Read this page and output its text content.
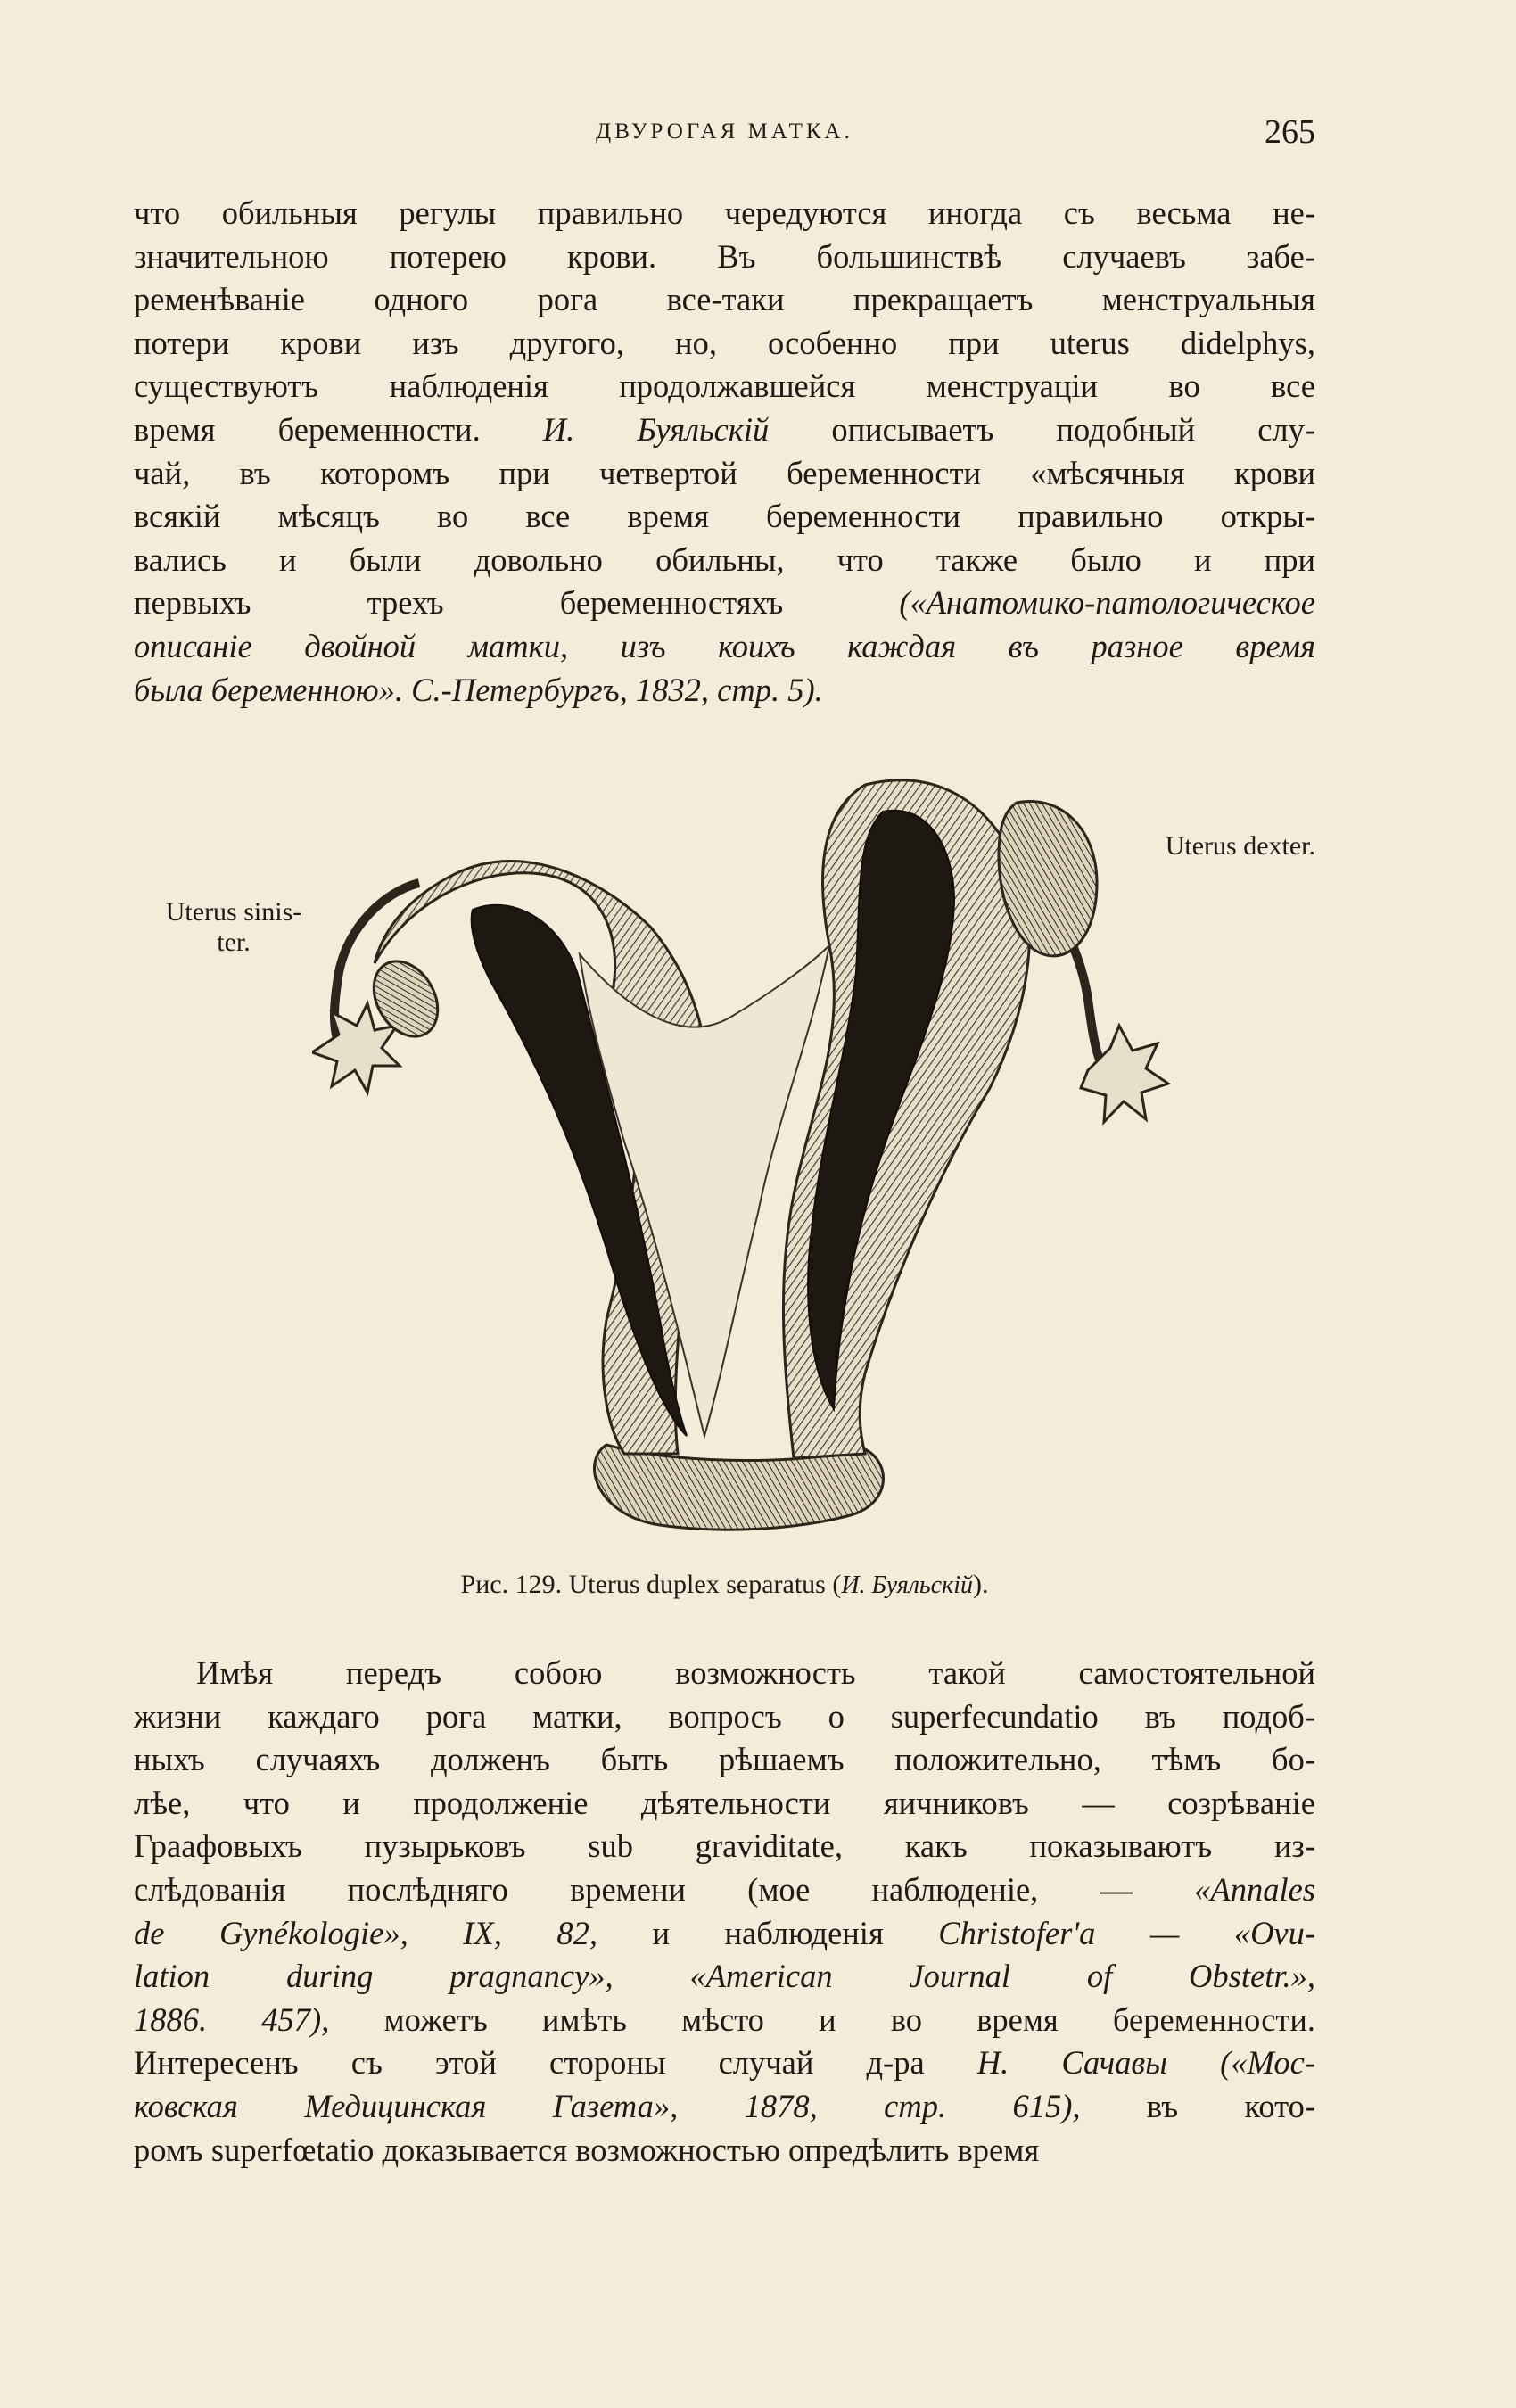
ДВУРОГАЯ МАТКА.	265
что обильныя регулы правильно чередуются иногда съ весьма не-
значительною потерею крови. Въ большинствѣ случаевъ забе-
ременѣваніе одного рога все-таки прекращаетъ менструальныя
потери крови изъ другого, но, особенно при uterus didelphys,
существуютъ наблюденія продолжавшейся менструаціи во все
время беременности. И. Буяльскій описываетъ подобный слу-
чай, въ которомъ при четвертой беременности «мѣсячныя крови
всякій мѣсяцъ во все время беременности правильно откры-
вались и были довольно обильны, что также было и при
первыхъ трехъ беременностяхъ	(«Анатомико-патологическое
описаніе двойной матки, изъ коихъ каждая въ разное время
была беременною». С.-Петербургъ, 1832, стр. 5).
Uterus sinis-
ter.
Uterus dexter.
Рис. 129. Uterus duplex separatus (И. Буяльскій).
Имѣя передъ собою возможность такой самостоятельной
жизни каждаго рога матки, вопросъ о superfecundatio въ подоб-
ныхъ случаяхъ долженъ быть рѣшаемъ положительно, тѣмъ бо-
лѣе, что и продолженіе дѣятельности яичниковъ — созрѣваніе
Граафовыхъ пузырьковъ sub graviditate, какъ показываютъ из-
слѣдованія послѣдняго времени (мое наблюденіе, — «Annales
de Gynékologie», IX, 82, и наблюденія Christofer'а — «Ovu-
lation during pragnancy», «American Journal of Obstetr.»,
1886. 457), можетъ имѣть мѣсто и во время беременности.
Интересенъ съ этой стороны случай д-ра Н. Сачавы («Мос-
ковская Медицинская Газета», 1878, стр. 615), въ кото-
ромъ superfœtatio доказывается возможностью опредѣлить время
